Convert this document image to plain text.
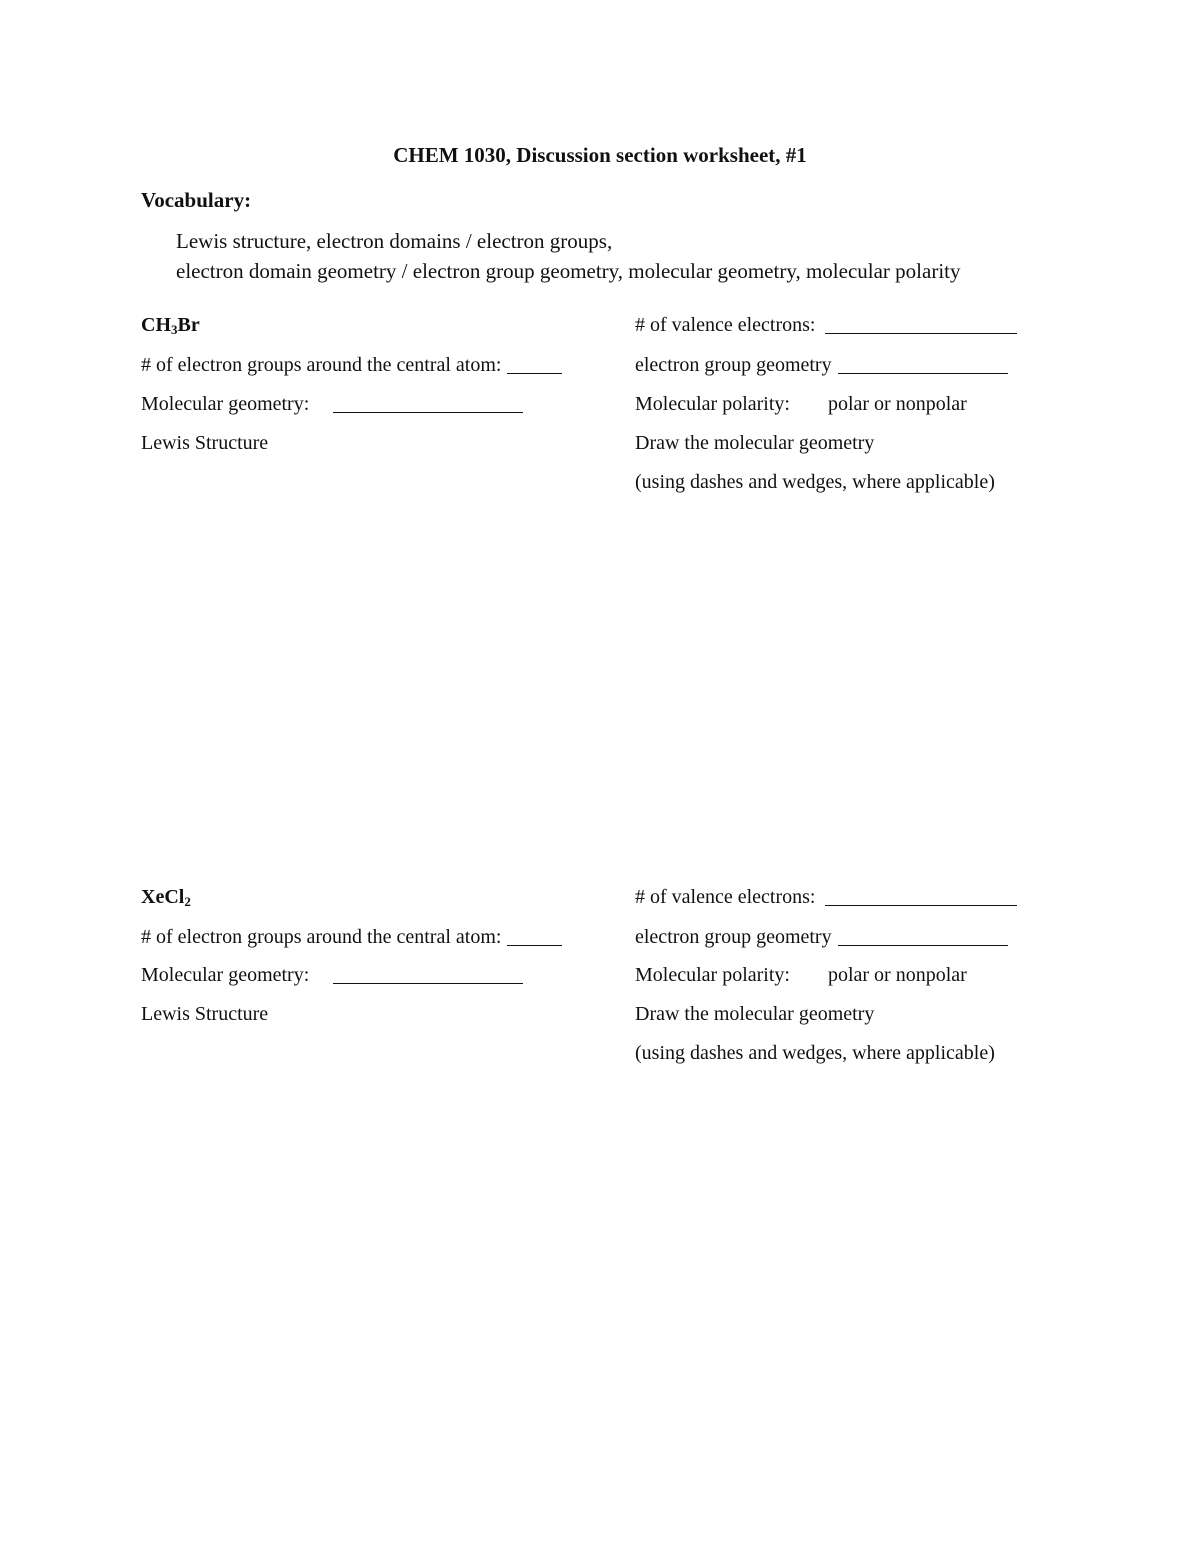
CHEM 1030, Discussion section worksheet, #1
Vocabulary:
Lewis structure, electron domains / electron groups,
electron domain geometry / electron group geometry, molecular geometry, molecular polarity
$CH_3Br$	# of valence electrons:
# of electron groups around the central atom:	electron group geometry
Molecular geometry:	Molecular polarity: polar or nonpolar
Lewis Structure	Draw the molecular geometry
(using dashes and wedges, where applicable)
XeCl$_2$	# of valence electrons:
# of electron groups around the central atom:	electron group geometry
Molecular geometry:	Molecular polarity: polar or nonpolar
Lewis Structure	Draw the molecular geometry
(using dashes and wedges, where applicable)
